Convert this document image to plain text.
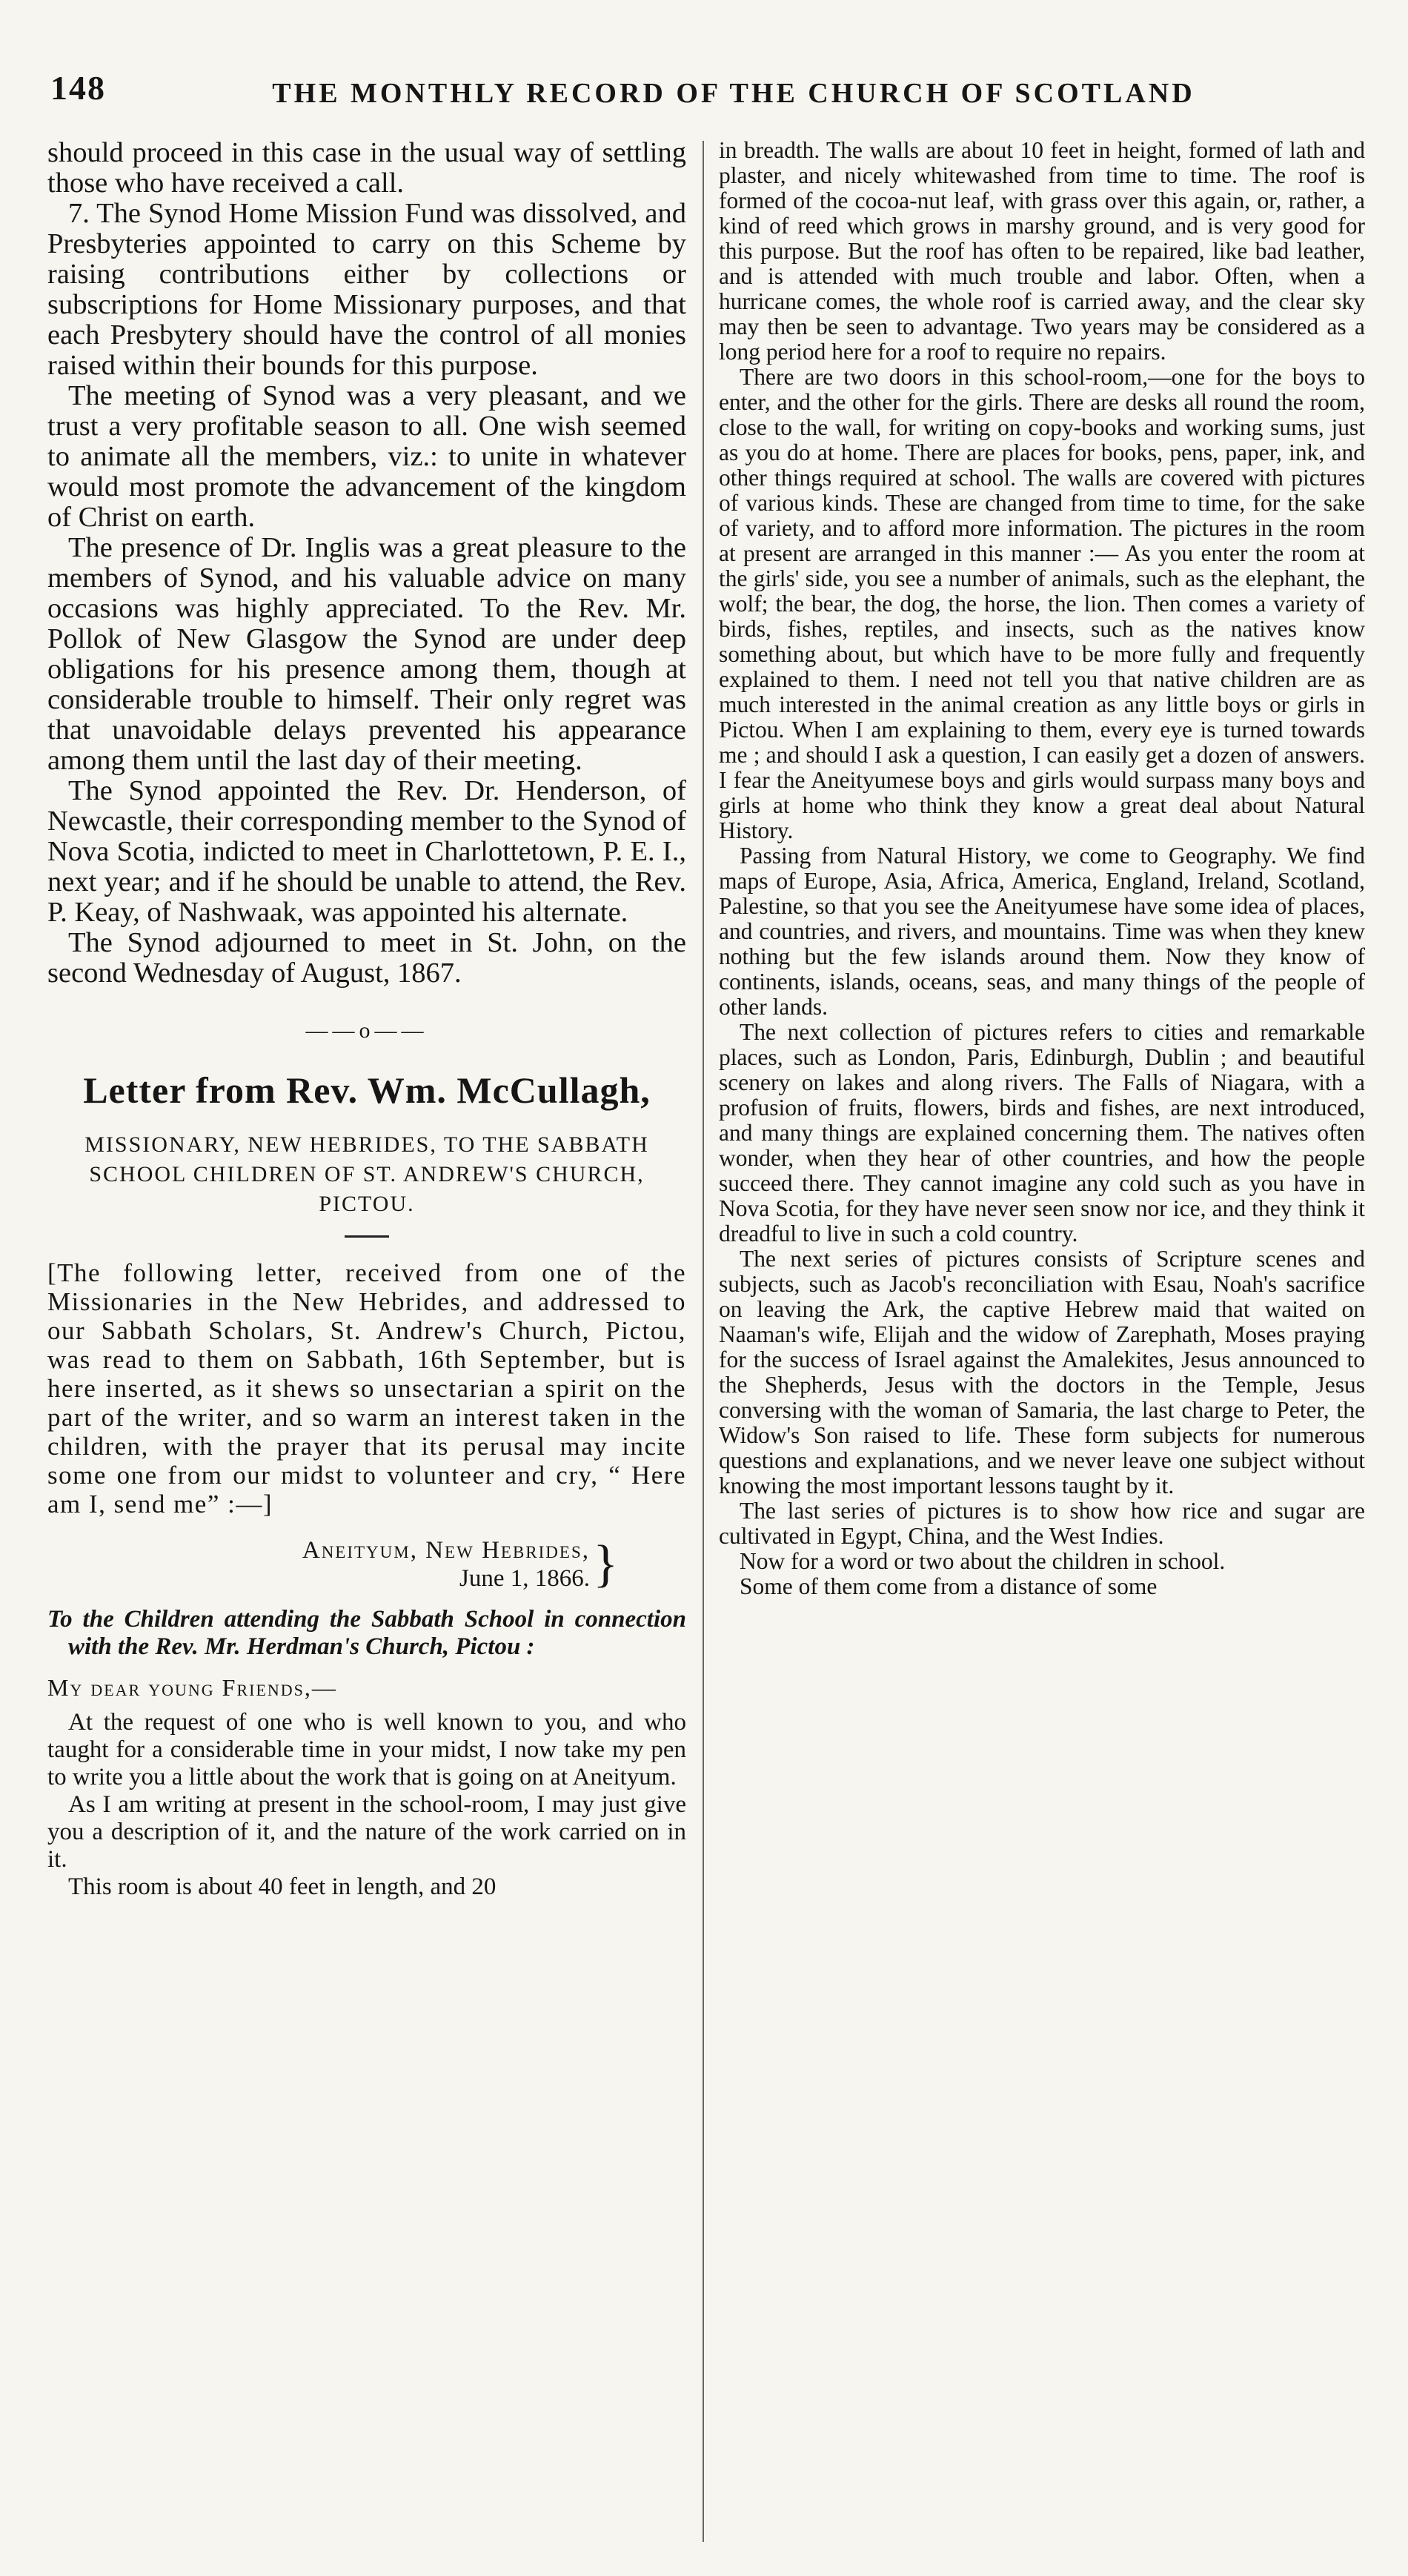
148	THE MONTHLY RECORD OF THE CHURCH OF SCOTLAND

should proceed in this case in the usual way of settling those who have received a call.

7. The Synod Home Mission Fund was dissolved, and Presbyteries appointed to carry on this Scheme by raising contributions either by collections or subscriptions for Home Missionary purposes, and that each Presbytery should have the control of all monies raised within their bounds for this purpose.

The meeting of Synod was a very pleasant, and we trust a very profitable season to all. One wish seemed to animate all the members, viz.: to unite in whatever would most promote the advancement of the kingdom of Christ on earth.

The presence of Dr. Inglis was a great pleasure to the members of Synod, and his valuable advice on many occasions was highly appreciated. To the Rev. Mr. Pollok of New Glasgow the Synod are under deep obligations for his presence among them, though at considerable trouble to himself. Their only regret was that unavoidable delays prevented his appearance among them until the last day of their meeting.

The Synod appointed the Rev. Dr. Henderson, of Newcastle, their corresponding member to the Synod of Nova Scotia, indicted to meet in Charlottetown, P. E. I., next year; and if he should be unable to attend, the Rev. P. Keay, of Nashwaak, was appointed his alternate.

The Synod adjourned to meet in St. John, on the second Wednesday of August, 1867.

——o——
Letter from Rev. Wm. McCullagh,
MISSIONARY, NEW HEBRIDES, TO THE SABBATH SCHOOL CHILDREN OF ST. ANDREW'S CHURCH, PICTOU.

[The following letter, received from one of the Missionaries in the New Hebrides, and addressed to our Sabbath Scholars, St. Andrew's Church, Pictou, was read to them on Sabbath, 16th September, but is here inserted, as it shews so unsectarian a spirit on the part of the writer, and so warm an interest taken in the children, with the prayer that its perusal may incite some one from our midst to volunteer and cry, “ Here am I, send me” :—]

Aneityum, New Hebrides,
June 1, 1866. }
To the Children attending the Sabbath School in connection with the Rev. Mr. Herdman's Church, Pictou :
My dear young Friends,—

At the request of one who is well known to you, and who taught for a considerable time in your midst, I now take my pen to write you a little about the work that is going on at Aneityum.

As I am writing at present in the school-room, I may just give you a description of it, and the nature of the work carried on in it.

This room is about 40 feet in length, and 20

in breadth. The walls are about 10 feet in height, formed of lath and plaster, and nicely whitewashed from time to time. The roof is formed of the cocoa-nut leaf, with grass over this again, or, rather, a kind of reed which grows in marshy ground, and is very good for this purpose. But the roof has often to be repaired, like bad leather, and is attended with much trouble and labor. Often, when a hurricane comes, the whole roof is carried away, and the clear sky may then be seen to advantage. Two years may be considered as a long period here for a roof to require no repairs.

There are two doors in this school-room,—one for the boys to enter, and the other for the girls. There are desks all round the room, close to the wall, for writing on copy-books and working sums, just as you do at home. There are places for books, pens, paper, ink, and other things required at school. The walls are covered with pictures of various kinds. These are changed from time to time, for the sake of variety, and to afford more information. The pictures in the room at present are arranged in this manner :— As you enter the room at the girls' side, you see a number of animals, such as the elephant, the wolf; the bear, the dog, the horse, the lion. Then comes a variety of birds, fishes, reptiles, and insects, such as the natives know something about, but which have to be more fully and frequently explained to them. I need not tell you that native children are as much interested in the animal creation as any little boys or girls in Pictou. When I am explaining to them, every eye is turned towards me ; and should I ask a question, I can easily get a dozen of answers. I fear the Aneityumese boys and girls would surpass many boys and girls at home who think they know a great deal about Natural History.

Passing from Natural History, we come to Geography. We find maps of Europe, Asia, Africa, America, England, Ireland, Scotland, Palestine, so that you see the Aneityumese have some idea of places, and countries, and rivers, and mountains. Time was when they knew nothing but the few islands around them. Now they know of continents, islands, oceans, seas, and many things of the people of other lands.

The next collection of pictures refers to cities and remarkable places, such as London, Paris, Edinburgh, Dublin ; and beautiful scenery on lakes and along rivers. The Falls of Niagara, with a profusion of fruits, flowers, birds and fishes, are next introduced, and many things are explained concerning them. The natives often wonder, when they hear of other countries, and how the people succeed there. They cannot imagine any cold such as you have in Nova Scotia, for they have never seen snow nor ice, and they think it dreadful to live in such a cold country.

The next series of pictures consists of Scripture scenes and subjects, such as Jacob's reconciliation with Esau, Noah's sacrifice on leaving the Ark, the captive Hebrew maid that waited on Naaman's wife, Elijah and the widow of Zarephath, Moses praying for the success of Israel against the Amalekites, Jesus announced to the Shepherds, Jesus with the doctors in the Temple, Jesus conversing with the woman of Samaria, the last charge to Peter, the Widow's Son raised to life. These form subjects for numerous questions and explanations, and we never leave one subject without knowing the most important lessons taught by it.

The last series of pictures is to show how rice and sugar are cultivated in Egypt, China, and the West Indies.

Now for a word or two about the children in school.

Some of them come from a distance of some
